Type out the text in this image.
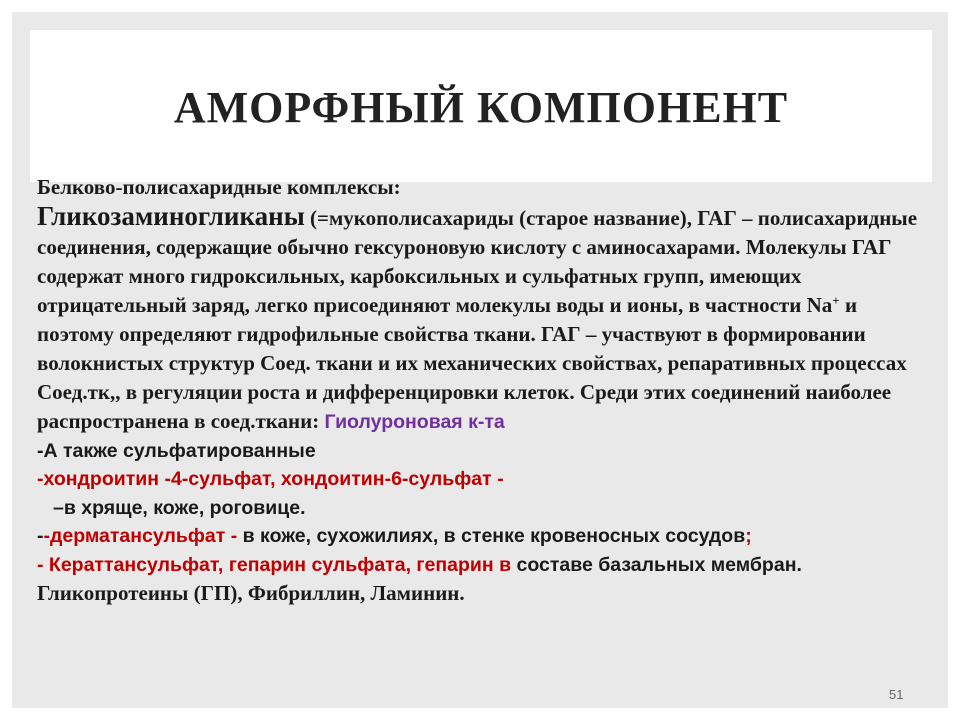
АМОРФНЫЙ КОМПОНЕНТ

Белково-полисахаридные комплексы:

Гликозаминогликаны (=мукополисахариды (старое название), ГАГ – полисахаридные соединения, содержащие обычно гексуроновую кислоту с аминосахарами. Молекулы ГАГ содержат много гидроксильных, карбоксильных и сульфатных групп, имеющих отрицательный заряд, легко присоединяют молекулы воды и ионы, в частности Na+ и поэтому определяют гидрофильные свойства ткани. ГАГ – участвуют в формировании волокнистых структур Соед. ткани и их механических свойствах, репаративных процессах Соед.тк,, в регуляции роста и дифференцировки клеток. Среди этих соединений наиболее распространена в соед.ткани: Гиолуроновая к-та

-А также сульфатированные

-хондроитин -4-сульфат, хондоитин-6-сульфат -

–в хряще, коже, роговице.

--дерматансульфат - в коже, сухожилиях, в стенке кровеносных сосудов;

- Кераттансульфат, гепарин сульфата, гепарин в составе базальных мембран.

Гликопротеины (ГП), Фибриллин, Ламинин.

51
